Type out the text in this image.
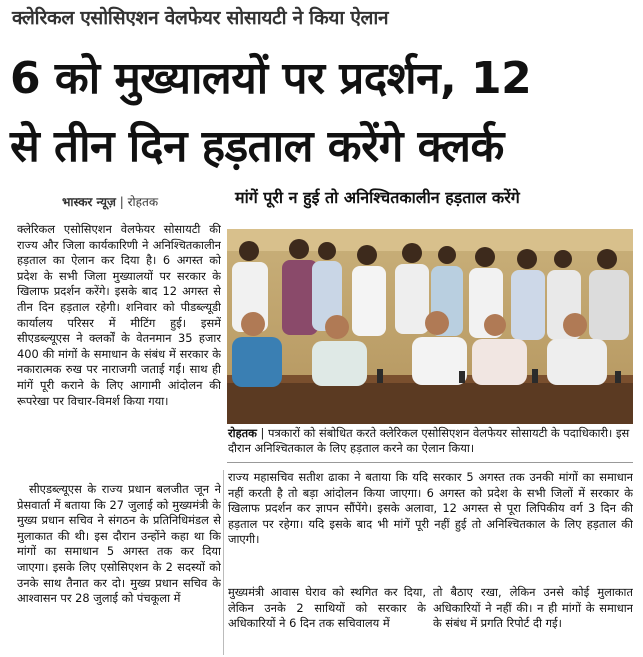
क्लेरिकल एसोसिएशन वेलफेयर सोसायटी ने किया ऐलान
6 को मुख्यालयों पर प्रदर्शन, 12
से तीन दिन हड़ताल करेंगे क्लर्क
भास्कर न्यूज़ | रोहतक	मांगें पूरी न हुई तो अनिश्चितकालीन हड़ताल करेंगे
क्लेरिकल एसोसिएशन वेलफेयर सोसायटी की राज्य और जिला कार्यकारिणी ने अनिश्चितकालीन हड़ताल का ऐलान कर दिया है। 6 अगस्त को प्रदेश के सभी जिला मुख्यालयों पर सरकार के खिलाफ प्रदर्शन करेंगे। इसके बाद 12 अगस्त से तीन दिन हड़ताल रहेगी। शनिवार को पीडब्ल्यूडी कार्यालय परिसर में मीटिंग हुई। इसमें सीएडब्ल्यूएस ने क्लर्कों के वेतनमान 35 हजार 400 की मांगों के समाधान के संबंध में सरकार के नकारात्मक रुख पर नाराजगी जताई गई। साथ ही मांगें पूरी कराने के लिए आगामी आंदोलन की रूपरेखा पर विचार-विमर्श किया गया।

सीएडब्ल्यूएस के राज्य प्रधान बलजीत जून ने प्रेसवार्ता में बताया कि 27 जुलाई को मुख्यमंत्री के मुख्य प्रधान सचिव ने संगठन के प्रतिनिधिमंडल से मुलाकात की थी। इस दौरान उन्होंने कहा था कि मांगों का समाधान 5 अगस्त तक कर दिया जाएगा। इसके लिए एसोसिएशन के 2 सदस्यों को उनके साथ तैनात कर दो। मुख्य प्रधान सचिव के आश्वासन पर 28 जुलाई को पंचकूला में

रोहतक | पत्रकारों को संबोधित करते क्लेरिकल एसोसिएशन वेलफेयर सोसायटी के पदाधिकारी। इस दौरान अनिश्चितकाल के लिए हड़ताल करने का ऐलान किया।
राज्य महासचिव सतीश ढाका ने बताया कि यदि सरकार 5 अगस्त तक उनकी मांगों का समाधान नहीं करती है तो बड़ा आंदोलन किया जाएगा। 6 अगस्त को प्रदेश के सभी जिलों में सरकार के खिलाफ प्रदर्शन कर ज्ञापन सौंपेंगे। इसके अलावा, 12 अगस्त से पूरा लिपिकीय वर्ग 3 दिन की हड़ताल पर रहेगा। यदि इसके बाद भी मांगें पूरी नहीं हुई तो अनिश्चितकाल के लिए हड़ताल की जाएगी।
मुख्यमंत्री आवास घेराव को स्थगित कर दिया, लेकिन उनके 2 साथियों को सरकार के अधिकारियों ने 6 दिन तक सचिवालय में
तो बैठाए रखा, लेकिन उनसे कोई मुलाकात अधिकारियों ने नहीं की। न ही मांगों के समाधान के संबंध में प्रगति रिपोर्ट दी गई।
